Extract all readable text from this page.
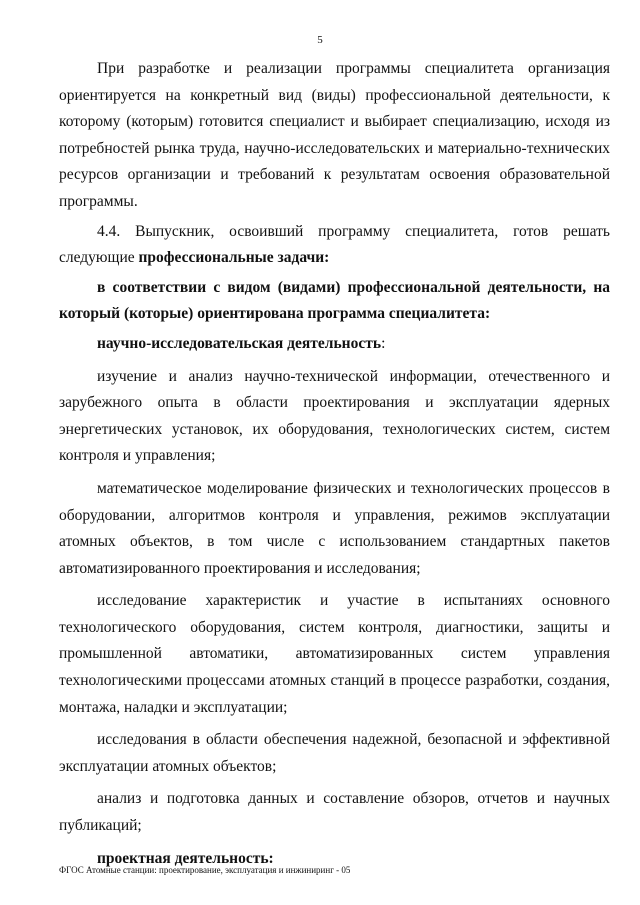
5

При разработке и реализации программы специалитета организация ориентируется на конкретный вид (виды) профессиональной деятельности, к которому (которым) готовится специалист и выбирает специализацию, исходя из потребностей рынка труда, научно-исследовательских и материально-технических ресурсов организации и требований к результатам освоения образовательной программы.

4.4. Выпускник, освоивший программу специалитета, готов решать следующие профессиональные задачи:

в соответствии с видом (видами) профессиональной деятельности, на который (которые) ориентирована программа специалитета:

научно-исследовательская деятельность:

изучение и анализ научно-технической информации, отечественного и зарубежного опыта в области проектирования и эксплуатации ядерных энергетических установок, их оборудования, технологических систем, систем контроля и управления;

математическое моделирование физических и технологических процессов в оборудовании, алгоритмов контроля и управления, режимов эксплуатации атомных объектов, в том числе с использованием стандартных пакетов автоматизированного проектирования и исследования;

исследование характеристик и участие в испытаниях основного технологического оборудования, систем контроля, диагностики, защиты и промышленной автоматики, автоматизированных систем управления технологическими процессами атомных станций в процессе разработки, создания, монтажа, наладки и эксплуатации;

исследования в области обеспечения надежной, безопасной и эффективной эксплуатации атомных объектов;

анализ и подготовка данных и составление обзоров, отчетов и научных публикаций;

проектная деятельность:

ФГОС Атомные станции: проектирование, эксплуатация и инжиниринг - 05
